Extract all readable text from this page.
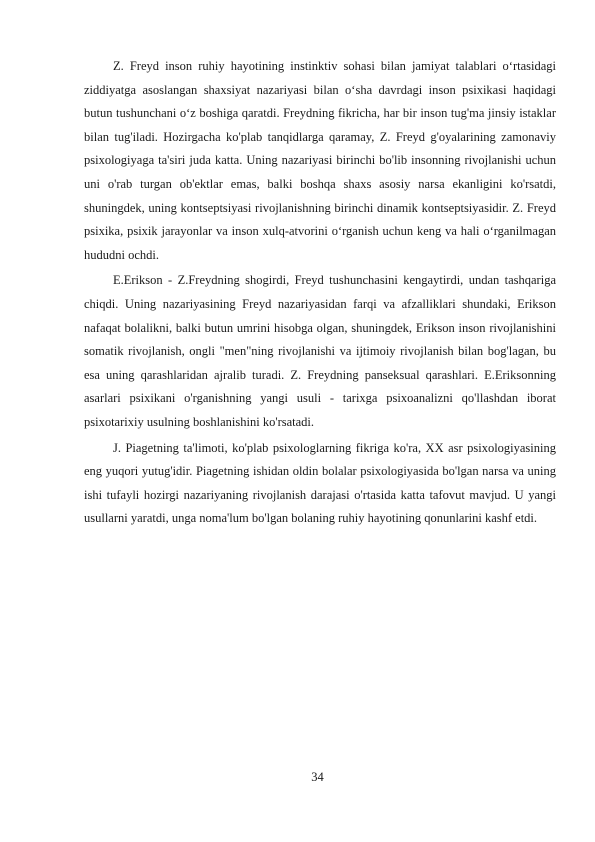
Z. Freyd inson ruhiy hayotining instinktiv sohasi bilan jamiyat talablari o‘rtasidagi ziddiyatga asoslangan shaxsiyat nazariyasi bilan o‘sha davrdagi inson psixikasi haqidagi butun tushunchani o‘z boshiga qaratdi. Freydning fikricha, har bir inson tug'ma jinsiy istaklar bilan tug'iladi. Hozirgacha ko'plab tanqidlarga qaramay, Z. Freyd g'oyalarining zamonaviy psixologiyaga ta'siri juda katta. Uning nazariyasi birinchi bo'lib insonning rivojlanishi uchun uni o'rab turgan ob'ektlar emas, balki boshqa shaxs asosiy narsa ekanligini ko'rsatdi, shuningdek, uning kontseptsiyasi rivojlanishning birinchi dinamik kontseptsiyasidir. Z. Freyd psixika, psixik jarayonlar va inson xulq-atvorini o‘rganish uchun keng va hali o‘rganilmagan hududni ochdi.

E.Erikson - Z.Freydning shogirdi, Freyd tushunchasini kengaytirdi, undan tashqariga chiqdi. Uning nazariyasining Freyd nazariyasidan farqi va afzalliklari shundaki, Erikson nafaqat bolalikni, balki butun umrini hisobga olgan, shuningdek, Erikson inson rivojlanishini somatik rivojlanish, ongli "men"ning rivojlanishi va ijtimoiy rivojlanish bilan bog'lagan, bu esa uning qarashlaridan ajralib turadi. Z. Freydning panseksual qarashlari. E.Eriksonning asarlari psixikani o'rganishning yangi usuli - tarixga psixoanalizni qo'llashdan iborat psixotarixiy usulning boshlanishini ko'rsatadi.

J. Piagetning ta'limoti, ko'plab psixologlarning fikriga ko'ra, XX asr psixologiyasining eng yuqori yutug'idir. Piagetning ishidan oldin bolalar psixologiyasida bo'lgan narsa va uning ishi tufayli hozirgi nazariyaning rivojlanish darajasi o'rtasida katta tafovut mavjud. U yangi usullarni yaratdi, unga noma'lum bo'lgan bolaning ruhiy hayotining qonunlarini kashf etdi.

34
